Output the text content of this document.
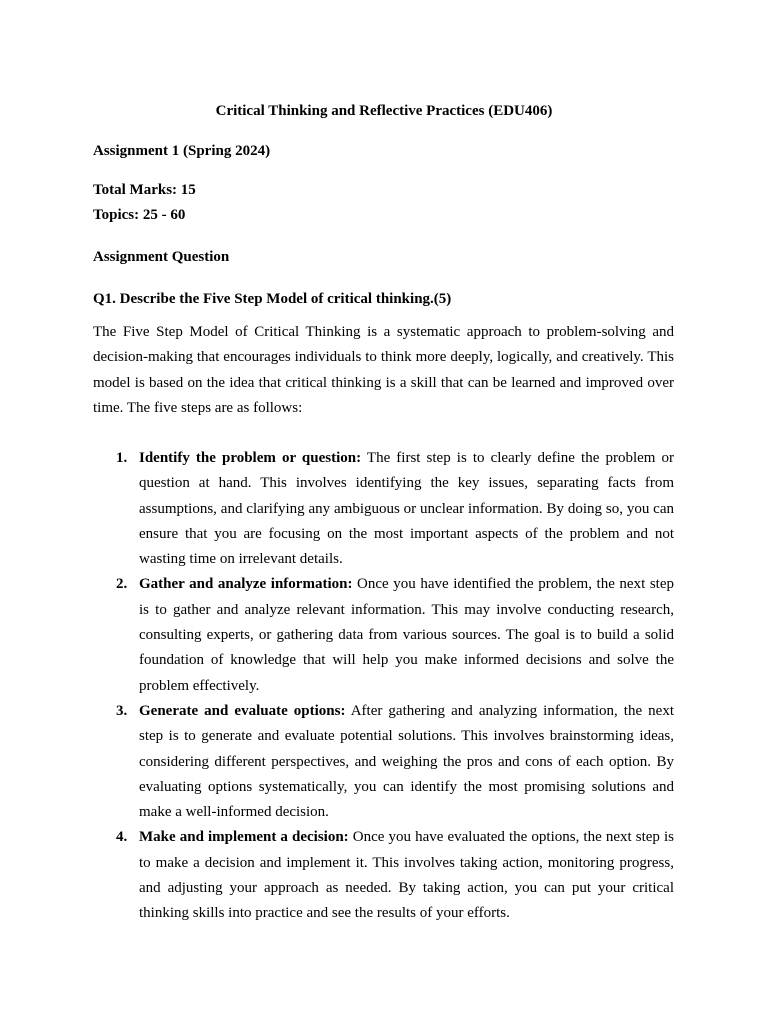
Critical Thinking and Reflective Practices (EDU406)
Assignment 1 (Spring 2024)
Total Marks: 15
Topics: 25 - 60
Assignment Question
Q1. Describe the Five Step Model of critical thinking.(5)

The Five Step Model of Critical Thinking is a systematic approach to problem-solving and decision-making that encourages individuals to think more deeply, logically, and creatively. This model is based on the idea that critical thinking is a skill that can be learned and improved over time. The five steps are as follows:

1. Identify the problem or question: The first step is to clearly define the problem or question at hand. This involves identifying the key issues, separating facts from assumptions, and clarifying any ambiguous or unclear information. By doing so, you can ensure that you are focusing on the most important aspects of the problem and not wasting time on irrelevant details.
2. Gather and analyze information: Once you have identified the problem, the next step is to gather and analyze relevant information. This may involve conducting research, consulting experts, or gathering data from various sources. The goal is to build a solid foundation of knowledge that will help you make informed decisions and solve the problem effectively.
3. Generate and evaluate options: After gathering and analyzing information, the next step is to generate and evaluate potential solutions. This involves brainstorming ideas, considering different perspectives, and weighing the pros and cons of each option. By evaluating options systematically, you can identify the most promising solutions and make a well-informed decision.
4. Make and implement a decision: Once you have evaluated the options, the next step is to make a decision and implement it. This involves taking action, monitoring progress, and adjusting your approach as needed. By taking action, you can put your critical thinking skills into practice and see the results of your efforts.
